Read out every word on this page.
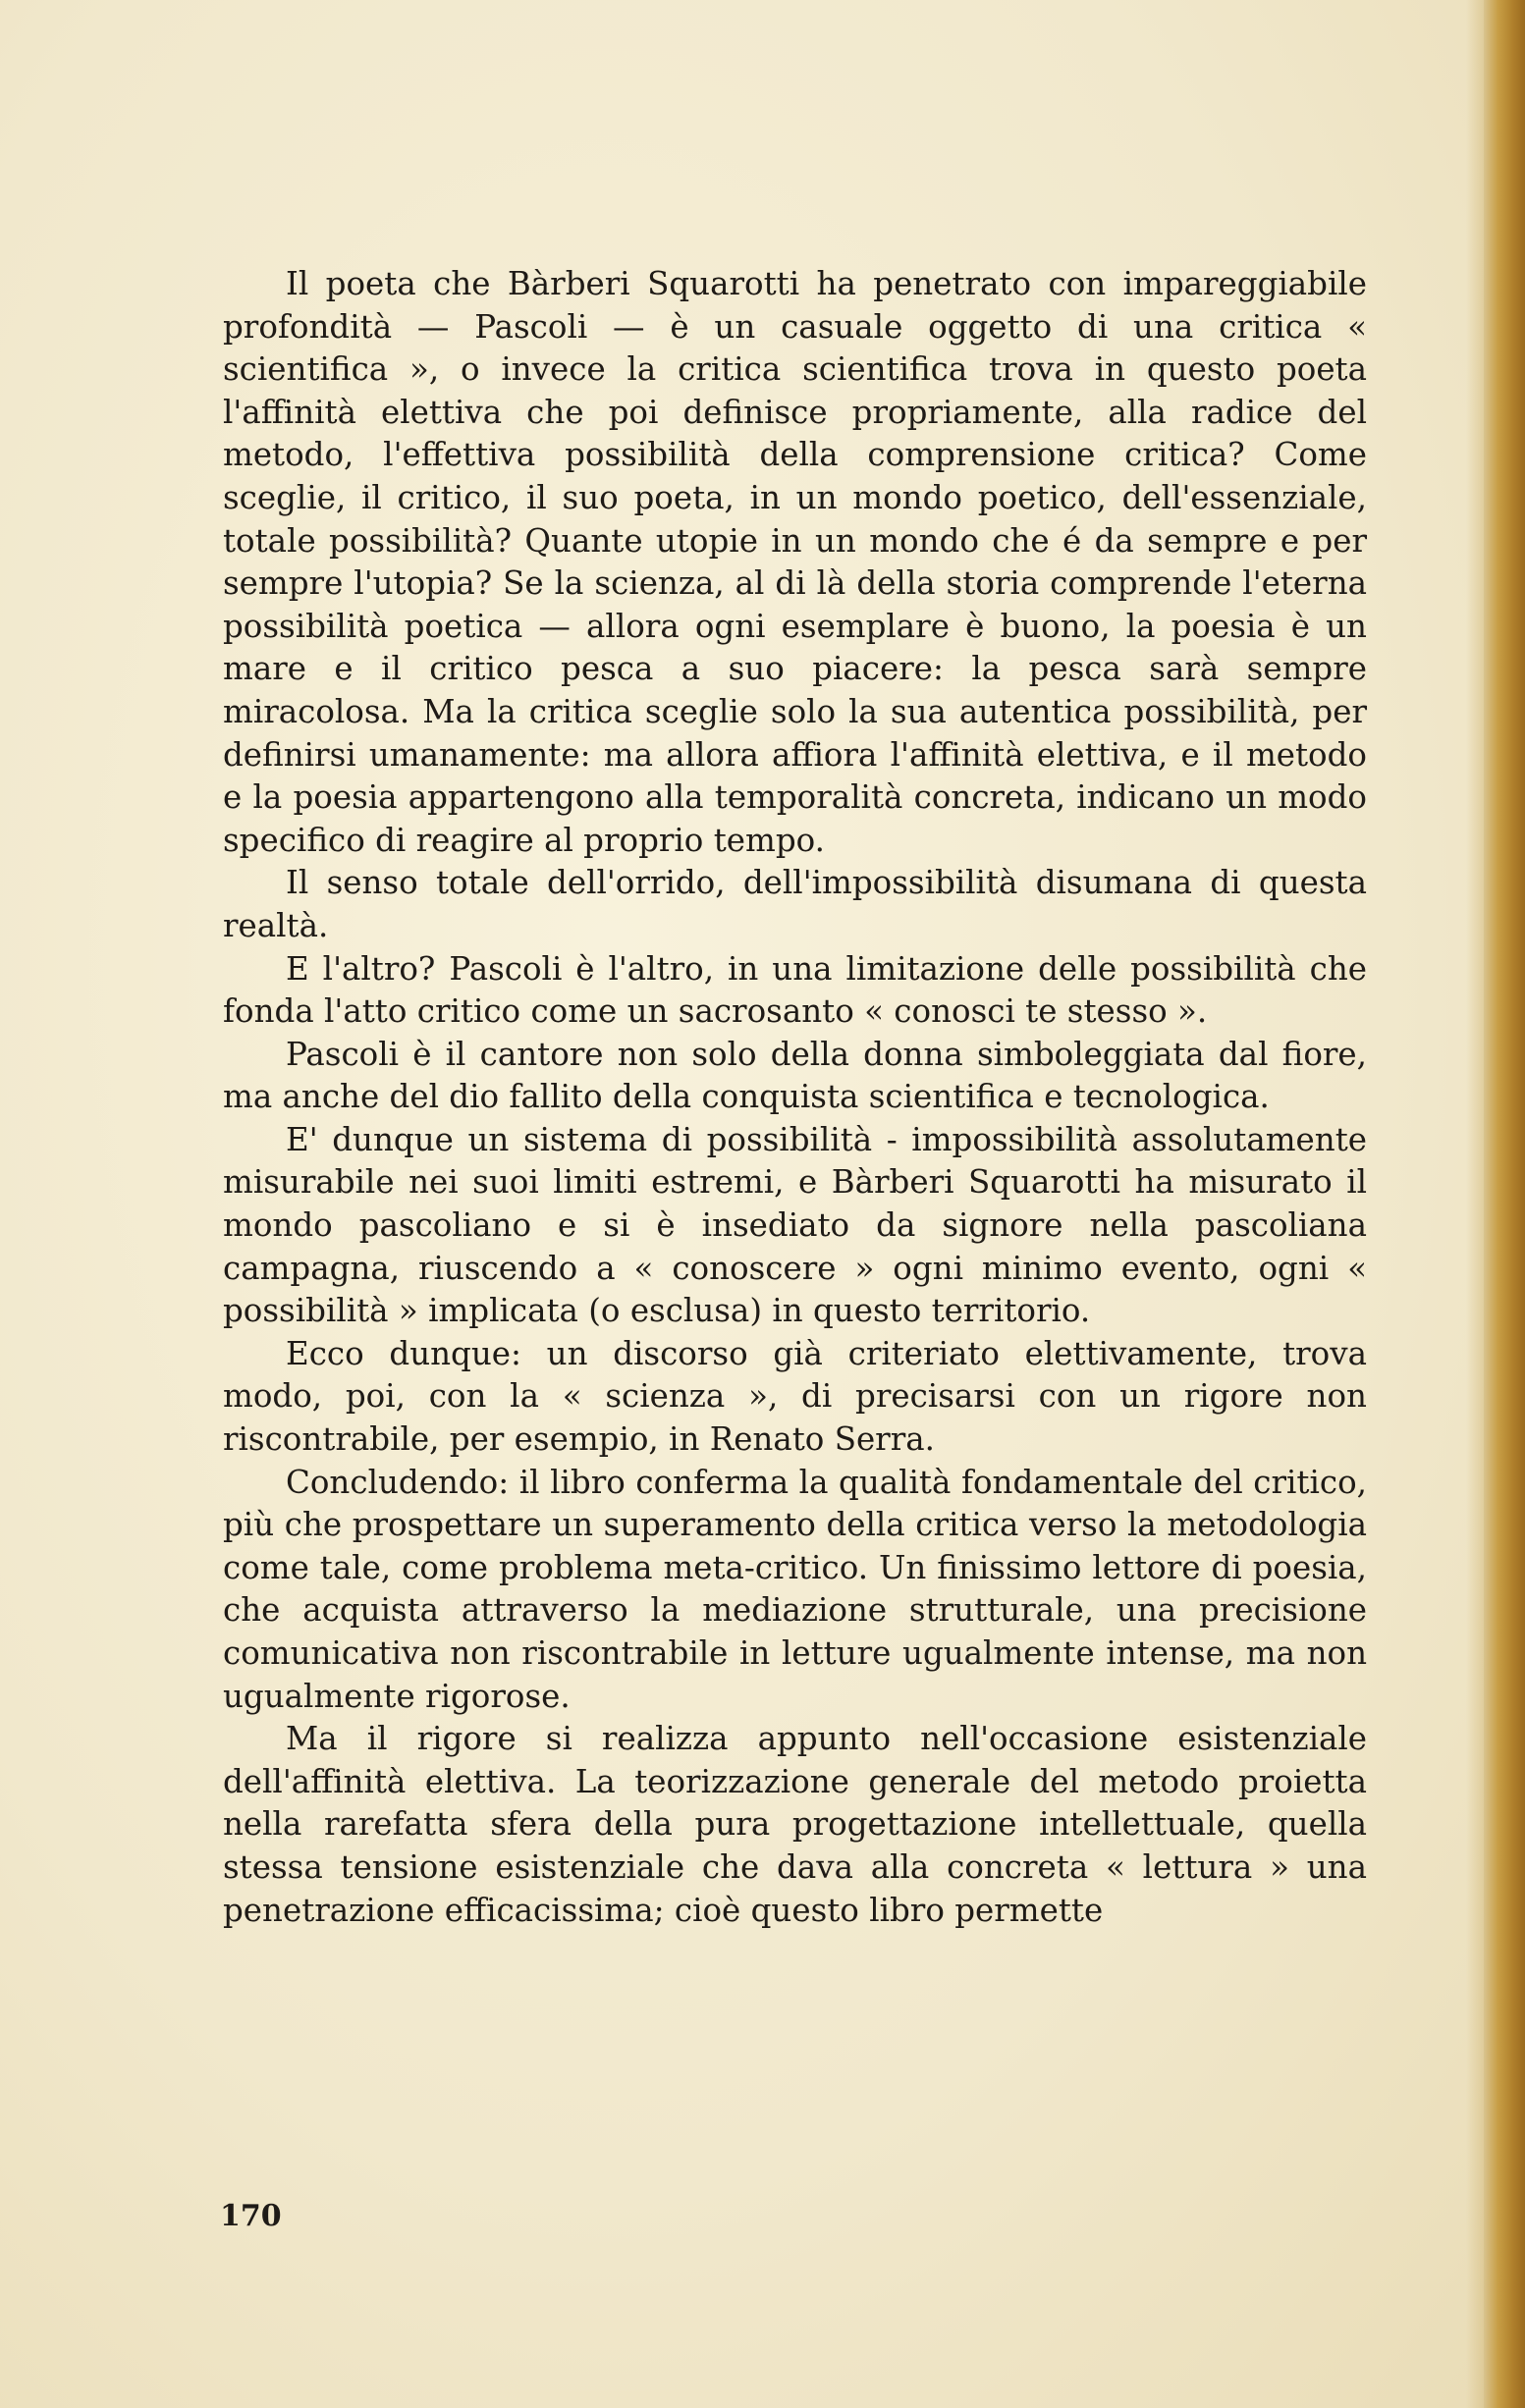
Il poeta che Bàrberi Squarotti ha penetrato con impareggiabile profondità — Pascoli — è un casuale oggetto di una critica « scientifica », o invece la critica scientifica trova in questo poeta l'affinità elettiva che poi definisce propriamente, alla radice del metodo, l'effettiva possibilità della comprensione critica? Come sceglie, il critico, il suo poeta, in un mondo poetico, dell'essenziale, totale possibilità? Quante utopie in un mondo che é da sempre e per sempre l'utopia? Se la scienza, al di là della storia comprende l'eterna possibilità poetica — allora ogni esemplare è buono, la poesia è un mare e il critico pesca a suo piacere: la pesca sarà sempre miracolosa. Ma la critica sceglie solo la sua autentica possibilità, per definirsi umanamente: ma allora affiora l'affinità elettiva, e il metodo e la poesia appartengono alla temporalità concreta, indicano un modo specifico di reagire al proprio tempo.

Il senso totale dell'orrido, dell'impossibilità disumana di questa realtà.

E l'altro? Pascoli è l'altro, in una limitazione delle possibilità che fonda l'atto critico come un sacrosanto « conosci te stesso ».

Pascoli è il cantore non solo della donna simboleggiata dal fiore, ma anche del dio fallito della conquista scientifica e tecnologica.

E' dunque un sistema di possibilità - impossibilità assolutamente misurabile nei suoi limiti estremi, e Bàrberi Squarotti ha misurato il mondo pascoliano e si è insediato da signore nella pascoliana campagna, riuscendo a « conoscere » ogni minimo evento, ogni « possibilità » implicata (o esclusa) in questo territorio.

Ecco dunque: un discorso già criteriato elettivamente, trova modo, poi, con la « scienza », di precisarsi con un rigore non riscontrabile, per esempio, in Renato Serra.

Concludendo: il libro conferma la qualità fondamentale del critico, più che prospettare un superamento della critica verso la metodologia come tale, come problema meta-critico. Un finissimo lettore di poesia, che acquista attraverso la mediazione strutturale, una precisione comunicativa non riscontrabile in letture ugualmente intense, ma non ugualmente rigorose.

Ma il rigore si realizza appunto nell'occasione esistenziale dell'affinità elettiva. La teorizzazione generale del metodo proietta nella rarefatta sfera della pura progettazione intellettuale, quella stessa tensione esistenziale che dava alla concreta « lettura » una penetrazione efficacissima; cioè questo libro permette

170
